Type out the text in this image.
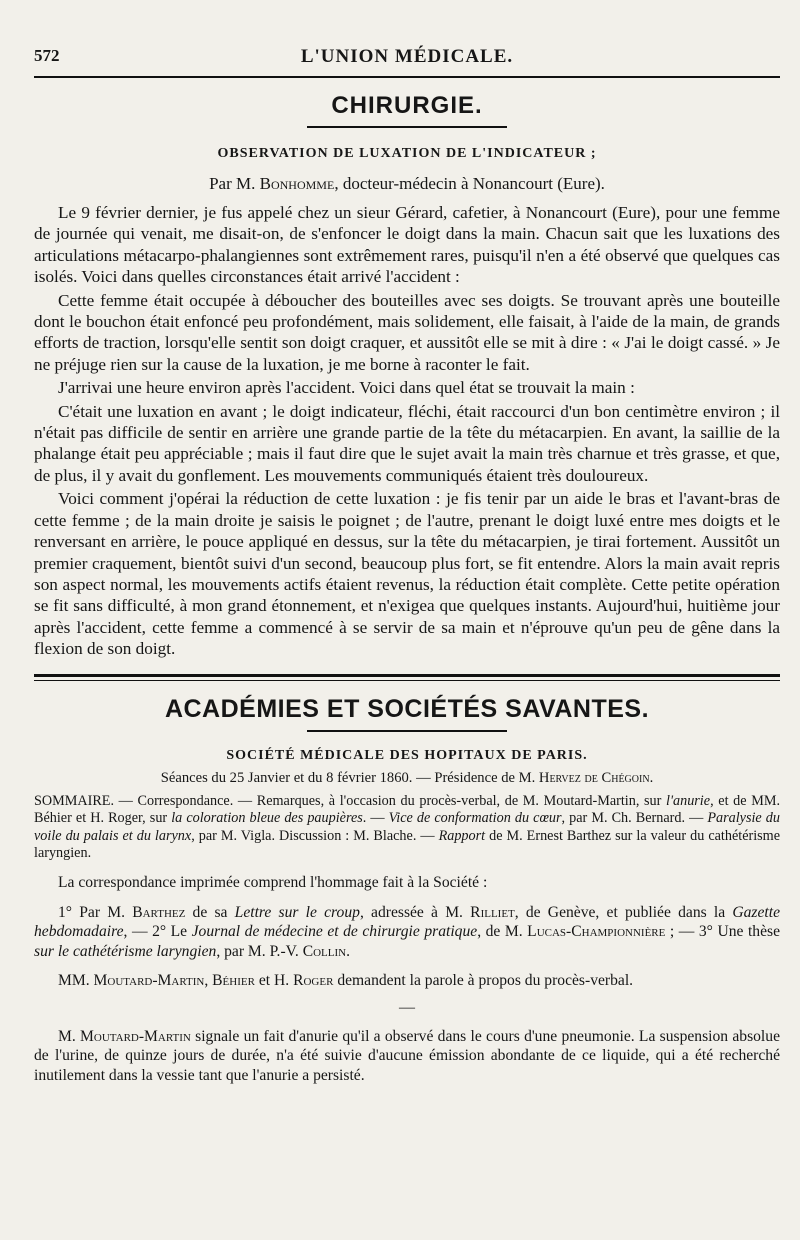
572	L'UNION MÉDICALE.
CHIRURGIE.
OBSERVATION DE LUXATION DE L'INDICATEUR ;
Par M. Bonhomme, docteur-médecin à Nonancourt (Eure).

Le 9 février dernier, je fus appelé chez un sieur Gérard, cafetier, à Nonancourt (Eure), pour une femme de journée qui venait, me disait-on, de s'enfoncer le doigt dans la main. Chacun sait que les luxations des articulations métacarpo-phalangiennes sont extrêmement rares, puisqu'il n'en a été observé que quelques cas isolés. Voici dans quelles circonstances était arrivé l'accident :

Cette femme était occupée à déboucher des bouteilles avec ses doigts. Se trouvant après une bouteille dont le bouchon était enfoncé peu profondément, mais solidement, elle faisait, à l'aide de la main, de grands efforts de traction, lorsqu'elle sentit son doigt craquer, et aussitôt elle se mit à dire : « J'ai le doigt cassé. » Je ne préjuge rien sur la cause de la luxation, je me borne à raconter le fait.

J'arrivai une heure environ après l'accident. Voici dans quel état se trouvait la main :

C'était une luxation en avant ; le doigt indicateur, fléchi, était raccourci d'un bon centimètre environ ; il n'était pas difficile de sentir en arrière une grande partie de la tête du métacarpien. En avant, la saillie de la phalange était peu appréciable ; mais il faut dire que le sujet avait la main très charnue et très grasse, et que, de plus, il y avait du gonflement. Les mouvements communiqués étaient très douloureux.

Voici comment j'opérai la réduction de cette luxation : je fis tenir par un aide le bras et l'avant-bras de cette femme ; de la main droite je saisis le poignet ; de l'autre, prenant le doigt luxé entre mes doigts et le renversant en arrière, le pouce appliqué en dessus, sur la tête du métacarpien, je tirai fortement. Aussitôt un premier craquement, bientôt suivi d'un second, beaucoup plus fort, se fit entendre. Alors la main avait repris son aspect normal, les mouvements actifs étaient revenus, la réduction était complète. Cette petite opération se fit sans difficulté, à mon grand étonnement, et n'exigea que quelques instants. Aujourd'hui, huitième jour après l'accident, cette femme a commencé à se servir de sa main et n'éprouve qu'un peu de gêne dans la flexion de son doigt.

ACADÉMIES ET SOCIÉTÉS SAVANTES.
SOCIÉTÉ MÉDICALE DES HOPITAUX DE PARIS.
Séances du 25 Janvier et du 8 février 1860. — Présidence de M. Hervez de Chégoin.
SOMMAIRE. — Correspondance. — Remarques, à l'occasion du procès-verbal, de M. Moutard-Martin, sur l'anurie, et de MM. Béhier et H. Roger, sur la coloration bleue des paupières. — Vice de conformation du cœur, par M. Ch. Bernard. — Paralysie du voile du palais et du larynx, par M. Vigla. Discussion : M. Blache. — Rapport de M. Ernest Barthez sur la valeur du cathétérisme laryngien.

La correspondance imprimée comprend l'hommage fait à la Société :

1° Par M. Barthez de sa Lettre sur le croup, adressée à M. Rilliet, de Genève, et publiée dans la Gazette hebdomadaire, — 2° Le Journal de médecine et de chirurgie pratique, de M. Lucas-Championnière ; — 3° Une thèse sur le cathétérisme laryngien, par M. P.-V. Collin.

MM. Moutard-Martin, Béhier et H. Roger demandent la parole à propos du procès-verbal.

—

M. Moutard-Martin signale un fait d'anurie qu'il a observé dans le cours d'une pneumonie. La suspension absolue de l'urine, de quinze jours de durée, n'a été suivie d'aucune émission abondante de ce liquide, qui a été recherché inutilement dans la vessie tant que l'anurie a persisté.
